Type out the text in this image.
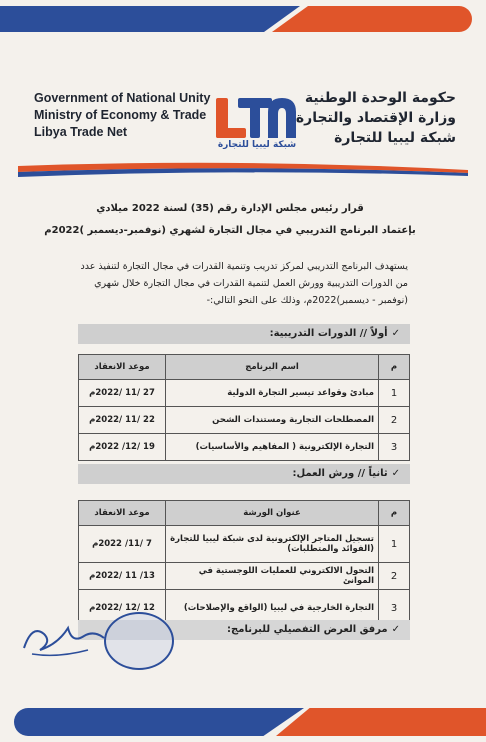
Government of National Unity
Ministry of Economy & Trade
Libya Trade Net
شبكة ليبيا للتجارة
حكومة الوحدة الوطنية
وزارة الإقتصاد والتجارة
شبكة ليبيا للتجارة
قرار رئيس مجلس الإدارة رقم (35) لسنة 2022 ميلادي
بإعتماد البرنامج التدريبي في مجال التجارة لشهري (نوفمبر-ديسمبر )2022م
يستهدف البرنامج التدريبي لمركز تدريب وتنمية القدرات في مجال التجارة لتنفيذ عدد من الدورات التدريبية وورش العمل لتنمية القدرات في مجال التجارة خلال شهري (نوفمبر - ديسمبر)2022م، وذلك على النحو التالي:-
✓أولاً // الدورات التدريبية:
م	اسم البرنامج	موعد الانعقاد
1	مبادئ وقواعد تيسير التجارة الدولية	27 /11 /2022م
2	المصطلحات التجارية ومستندات الشحن	22 /11 /2022م
3	التجارة الإلكترونية ( المفاهيم والأساسيات)	19 /12/ 2022م
✓ثانياً // ورش العمل:
م	عنوان الورشة	موعد الانعقاد
1	تسجيل المتاجر الإلكترونية لدى شبكة ليبيا للتجارة (الفوائد والمتطلبات)	7 /11/ 2022م
2	التحول الالكتروني للعمليات اللوجستية في الموانئ	13/ 11 /2022م
3	التجارة الخارجية في ليبيا (الواقع والإصلاحات)	12 /12 /2022م
✓مرفق العرض التفصيلي للبرنامج:
